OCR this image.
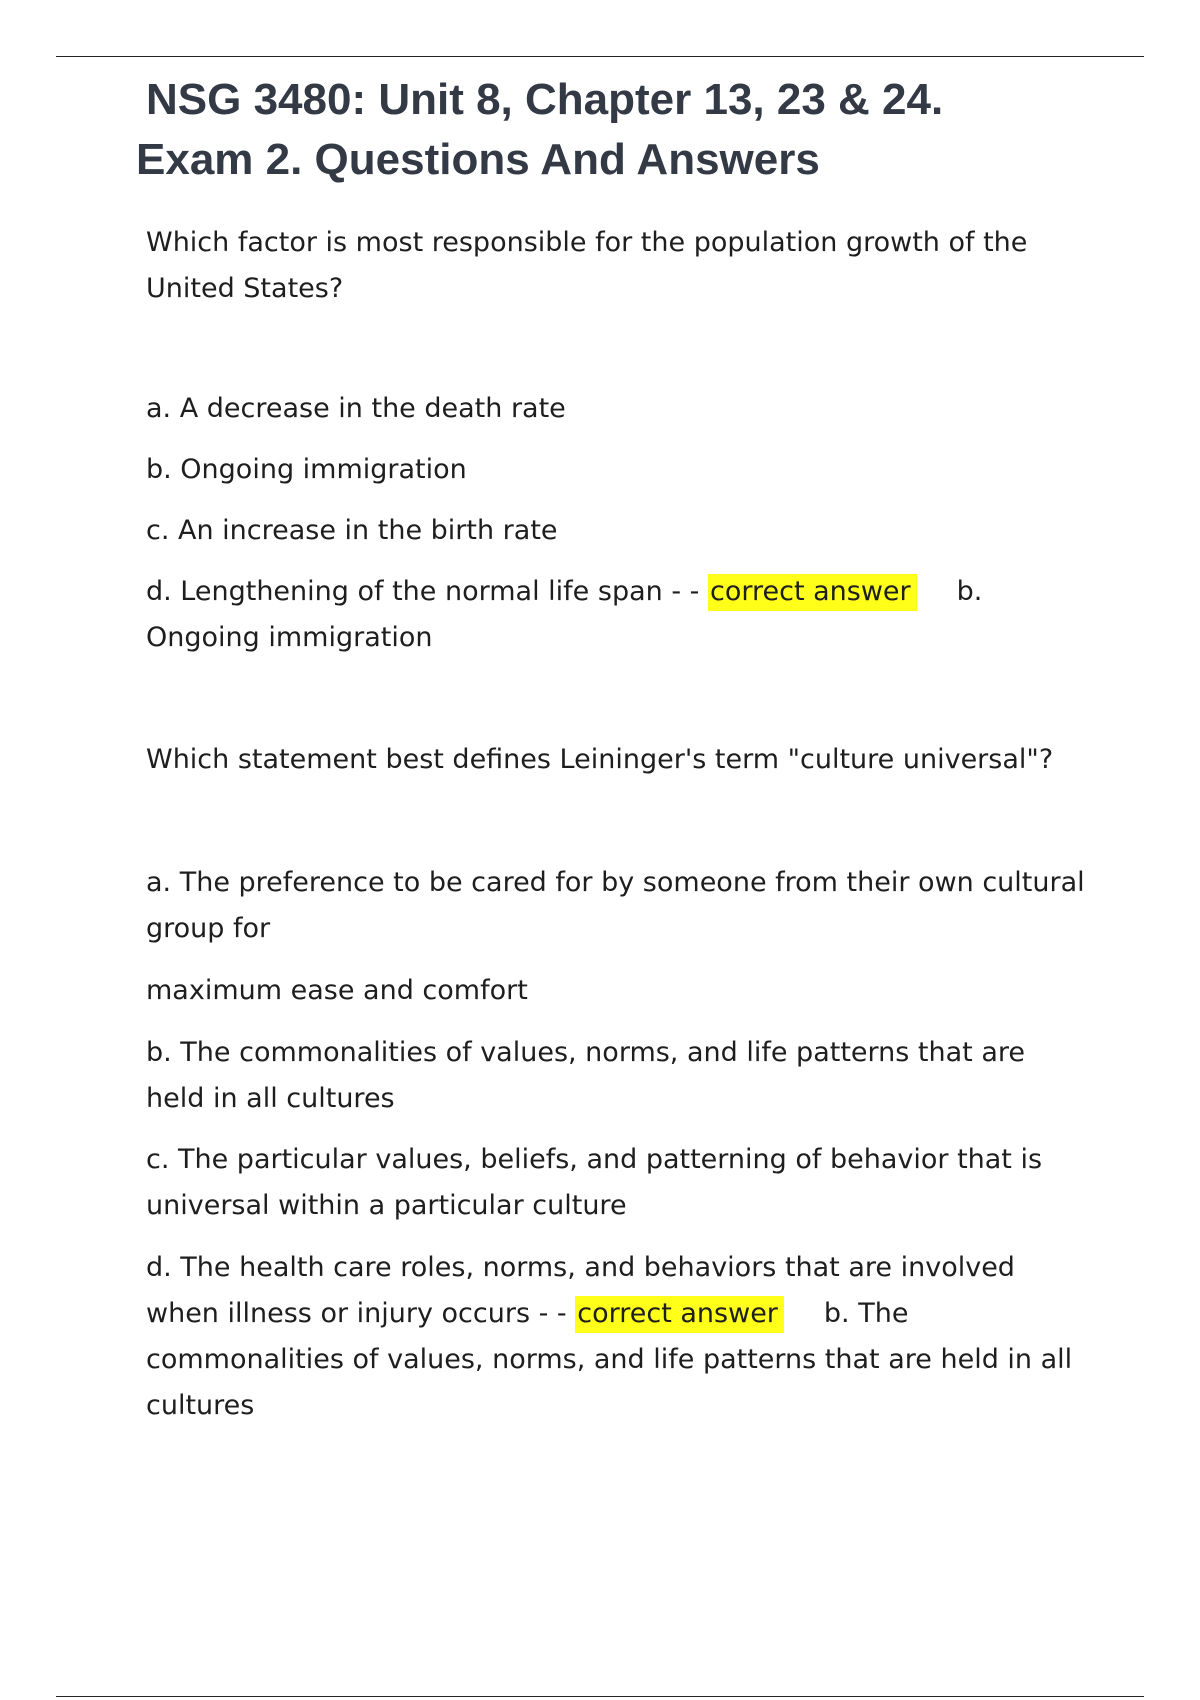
NSG 3480: Unit 8, Chapter 13, 23 & 24.
Exam 2. Questions And Answers

Which factor is most responsible for the population growth of the United States?

a. A decrease in the death rate

b. Ongoing immigration

c. An increase in the birth rate

d. Lengthening of the normal life span - - correct answer b. Ongoing immigration

Which statement best defines Leininger's term "culture universal"?

a. The preference to be cared for by someone from their own cultural group for

maximum ease and comfort

b. The commonalities of values, norms, and life patterns that are held in all cultures

c. The particular values, beliefs, and patterning of behavior that is universal within a particular culture

d. The health care roles, norms, and behaviors that are involved when illness or injury occurs - - correct answer b. The commonalities of values, norms, and life patterns that are held in all cultures
